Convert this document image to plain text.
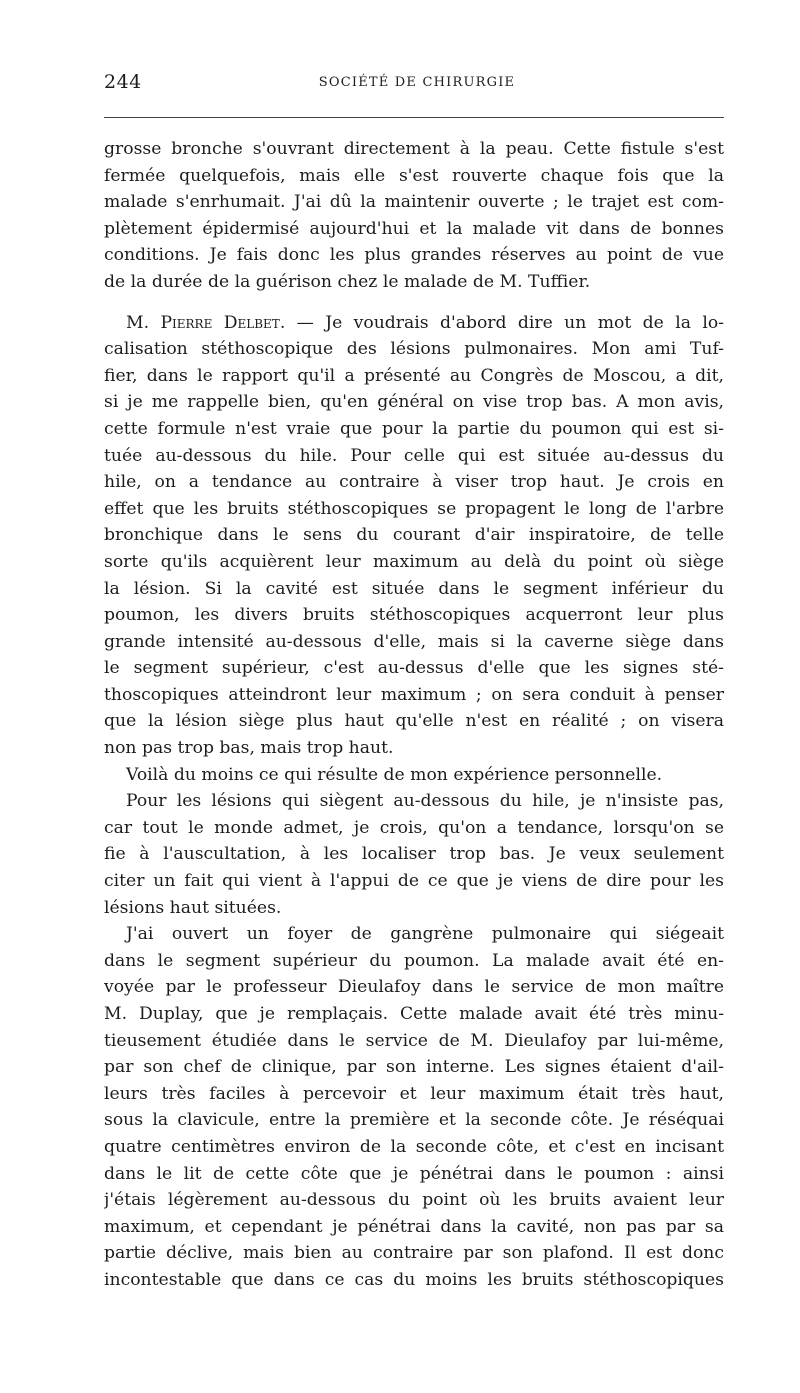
244	SOCIÉTÉ DE CHIRURGIE
grosse bronche s'ouvrant directement à la peau. Cette fistule s'est
fermée quelquefois, mais elle s'est rouverte chaque fois que la
malade s'enrhumait. J'ai dû la maintenir ouverte ; le trajet est com-
plètement épidermisé aujourd'hui et la malade vit dans de bonnes
conditions. Je fais donc les plus grandes réserves au point de vue
de la durée de la guérison chez le malade de M. Tuffier.
M. Pierre Delbet. — Je voudrais d'abord dire un mot de la lo-
calisation stéthoscopique des lésions pulmonaires. Mon ami Tuf-
fier, dans le rapport qu'il a présenté au Congrès de Moscou, a dit,
si je me rappelle bien, qu'en général on vise trop bas. A mon avis,
cette formule n'est vraie que pour la partie du poumon qui est si-
tuée au-dessous du hile. Pour celle qui est située au-dessus du
hile, on a tendance au contraire à viser trop haut. Je crois en
effet que les bruits stéthoscopiques se propagent le long de l'arbre
bronchique dans le sens du courant d'air inspiratoire, de telle
sorte qu'ils acquièrent leur maximum au delà du point où siège
la lésion. Si la cavité est située dans le segment inférieur du
poumon, les divers bruits stéthoscopiques acquerront leur plus
grande intensité au-dessous d'elle, mais si la caverne siège dans
le segment supérieur, c'est au-dessus d'elle que les signes sté-
thoscopiques atteindront leur maximum ; on sera conduit à penser
que la lésion siège plus haut qu'elle n'est en réalité ; on visera
non pas trop bas, mais trop haut.
Voilà du moins ce qui résulte de mon expérience personnelle.
Pour les lésions qui siègent au-dessous du hile, je n'insiste pas,
car tout le monde admet, je crois, qu'on a tendance, lorsqu'on se
fie à l'auscultation, à les localiser trop bas. Je veux seulement
citer un fait qui vient à l'appui de ce que je viens de dire pour les
lésions haut situées.
J'ai ouvert un foyer de gangrène pulmonaire qui siégeait
dans le segment supérieur du poumon. La malade avait été en-
voyée par le professeur Dieulafoy dans le service de mon maître
M. Duplay, que je remplaçais. Cette malade avait été très minu-
tieusement étudiée dans le service de M. Dieulafoy par lui-même,
par son chef de clinique, par son interne. Les signes étaient d'ail-
leurs très faciles à percevoir et leur maximum était très haut,
sous la clavicule, entre la première et la seconde côte. Je réséquai
quatre centimètres environ de la seconde côte, et c'est en incisant
dans le lit de cette côte que je pénétrai dans le poumon : ainsi
j'étais légèrement au-dessous du point où les bruits avaient leur
maximum, et cependant je pénétrai dans la cavité, non pas par sa
partie déclive, mais bien au contraire par son plafond. Il est donc
incontestable que dans ce cas du moins les bruits stéthoscopiques
